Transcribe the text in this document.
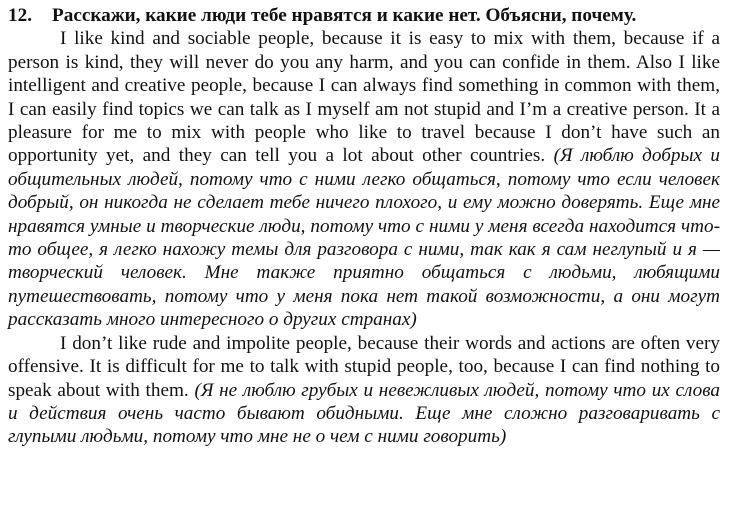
12. Расскажи, какие люди тебе нравятся и какие нет. Объясни, почему.

I like kind and sociable people, because it is easy to mix with them, because if a person is kind, they will never do you any harm, and you can confide in them. Also I like intelligent and creative people, because I can always find something in common with them, I can easily find topics we can talk as I myself am not stupid and I’m a creative person. It a pleasure for me to mix with people who like to travel because I don’t have such an opportunity yet, and they can tell you a lot about other countries. (Я люблю добрых и общительных людей, потому что с ними легко общаться, потому что если человек добрый, он никогда не сделает тебе ничего плохого, и ему можно доверять. Еще мне нравятся умные и творческие люди, потому что с ними у меня всегда находится что-то общее, я легко нахожу темы для разговора с ними, так как я сам неглупый и я — творческий человек. Мне также приятно общаться с людьми, любящими путешествовать, потому что у меня пока нет такой возможности, а они могут рассказать много интересного о других странах)

I don’t like rude and impolite people, because their words and actions are often very offensive. It is difficult for me to talk with stupid people, too, because I can find nothing to speak about with them. (Я не люблю грубых и невежливых людей, потому что их слова и действия очень часто бывают обидными. Еще мне сложно разговаривать с глупыми людьми, потому что мне не о чем с ними говорить)
